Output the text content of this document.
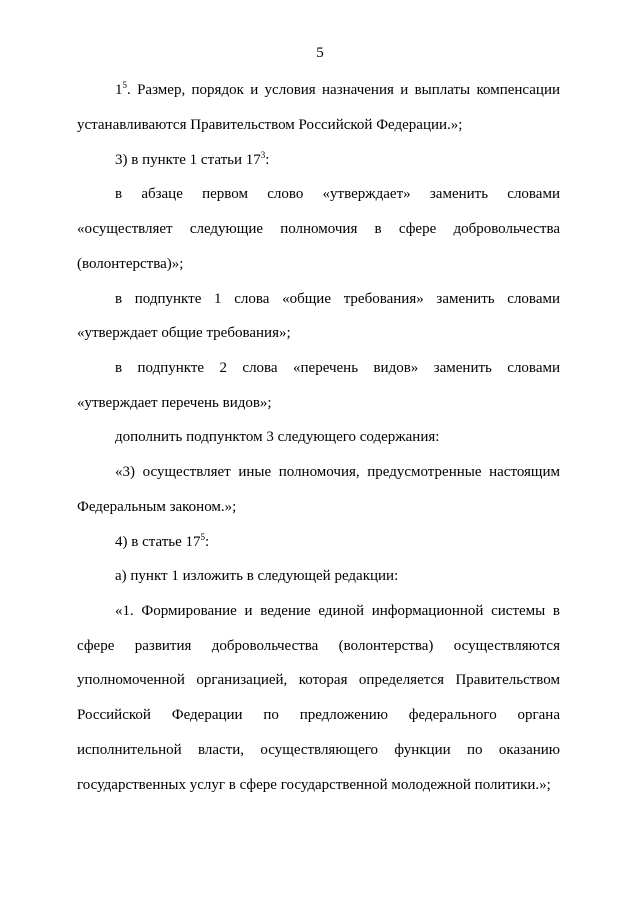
5
$1^5$. Размер, порядок и условия назначения и выплаты компенсации
устанавливаются Правительством Российской Федерации.»;
3) в пункте 1 статьи $17^3$:
в абзаце первом слово «утверждает» заменить словами
«осуществляет следующие полномочия в сфере добровольчества
(волонтерства)»;
в подпункте 1 слова «общие требования» заменить словами
«утверждает общие требования»;
в подпункте 2 слова «перечень видов» заменить словами
«утверждает перечень видов»;
дополнить подпунктом 3 следующего содержания:
«3) осуществляет иные полномочия, предусмотренные настоящим
Федеральным законом.»;
4) в статье $17^5$:
а) пункт 1 изложить в следующей редакции:
«1. Формирование и ведение единой информационной системы в
сфере развития добровольчества (волонтерства) осуществляются
уполномоченной организацией, которая определяется Правительством
Российской Федерации по предложению федерального органа
исполнительной власти, осуществляющего функции по оказанию
государственных услуг в сфере государственной молодежной политики.»;
